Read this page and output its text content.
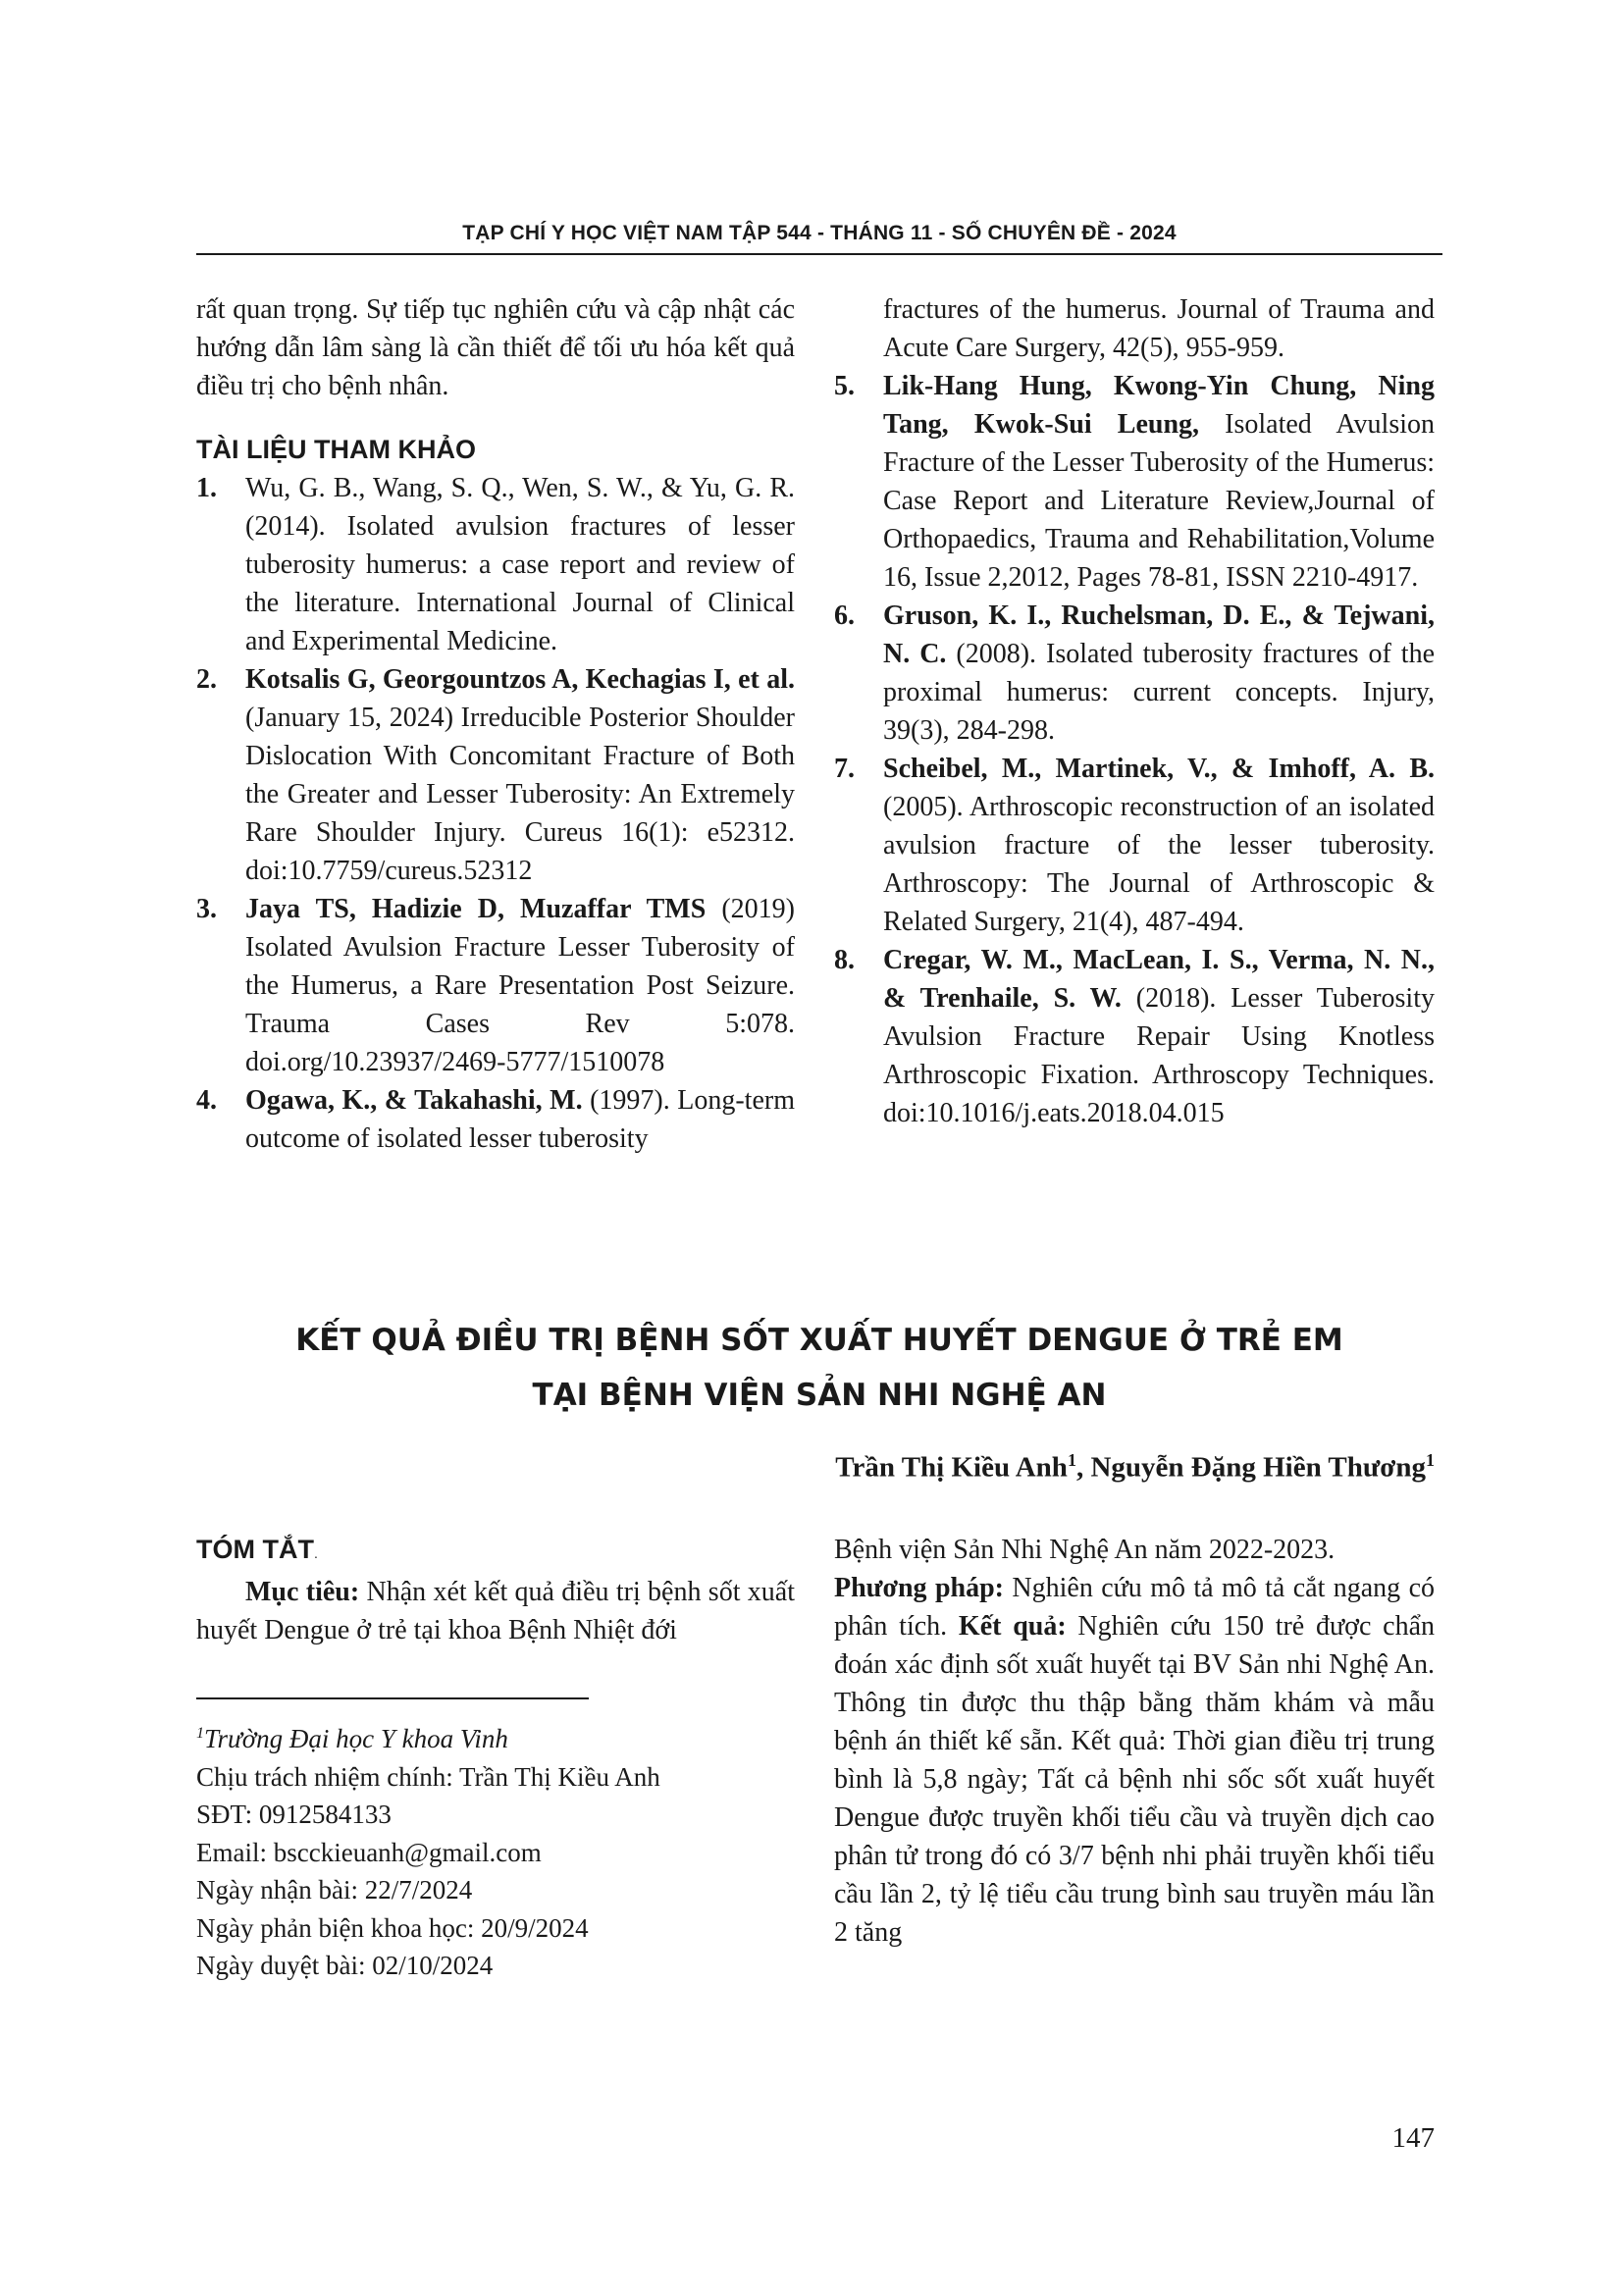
TẠP CHÍ Y HỌC VIỆT NAM TẬP 544 - THÁNG 11 - SỐ CHUYÊN ĐỀ - 2024
rất quan trọng. Sự tiếp tục nghiên cứu và cập nhật các hướng dẫn lâm sàng là cần thiết để tối ưu hóa kết quả điều trị cho bệnh nhân.
TÀI LIỆU THAM KHẢO
1.	Wu, G. B., Wang, S. Q., Wen, S. W., & Yu, G. R. (2014). Isolated avulsion fractures of lesser tuberosity humerus: a case report and review of the literature. International Journal of Clinical and Experimental Medicine.
2.	Kotsalis G, Georgountzos A, Kechagias I, et al. (January 15, 2024) Irreducible Posterior Shoulder Dislocation With Concomitant Fracture of Both the Greater and Lesser Tuberosity: An Extremely Rare Shoulder Injury. Cureus 16(1): e52312. doi:10.7759/cureus.52312
3.	Jaya TS, Hadizie D, Muzaffar TMS (2019) Isolated Avulsion Fracture Lesser Tuberosity of the Humerus, a Rare Presentation Post Seizure. Trauma Cases Rev 5:078. doi.org/10.23937/2469-5777/1510078
4.	Ogawa, K., & Takahashi, M. (1997). Long-term outcome of isolated lesser tuberosity
fractures of the humerus. Journal of Trauma and Acute Care Surgery, 42(5), 955-959.
5.	Lik-Hang Hung, Kwong-Yin Chung, Ning Tang, Kwok-Sui Leung, Isolated Avulsion Fracture of the Lesser Tuberosity of the Humerus: Case Report and Literature Review,Journal of Orthopaedics, Trauma and Rehabilitation,Volume 16, Issue 2,2012, Pages 78-81, ISSN 2210-4917.
6.	Gruson, K. I., Ruchelsman, D. E., & Tejwani, N. C. (2008). Isolated tuberosity fractures of the proximal humerus: current concepts. Injury, 39(3), 284-298.
7.	Scheibel, M., Martinek, V., & Imhoff, A. B. (2005). Arthroscopic reconstruction of an isolated avulsion fracture of the lesser tuberosity. Arthroscopy: The Journal of Arthroscopic & Related Surgery, 21(4), 487-494.
8.	Cregar, W. M., MacLean, I. S., Verma, N. N., & Trenhaile, S. W. (2018). Lesser Tuberosity Avulsion Fracture Repair Using Knotless Arthroscopic Fixation. Arthroscopy Techniques. doi:10.1016/j.eats.2018.04.015
KẾT QUẢ ĐIỀU TRỊ BỆNH SỐT XUẤT HUYẾT DENGUE Ở TRẺ EM
TẠI BỆNH VIỆN SẢN NHI NGHỆ AN
Trần Thị Kiều Anh$^1$, Nguyễn Đặng Hiền Thương$^1$
TÓM TẮT.
Mục tiêu: Nhận xét kết quả điều trị bệnh sốt xuất huyết Dengue ở trẻ tại khoa Bệnh Nhiệt đới
$^1$Trường Đại học Y khoa Vinh
Chịu trách nhiệm chính: Trần Thị Kiều Anh
SĐT: 0912584133
Email: bscckieuanh@gmail.com
Ngày nhận bài: 22/7/2024
Ngày phản biện khoa học: 20/9/2024
Ngày duyệt bài: 02/10/2024
Bệnh viện Sản Nhi Nghệ An năm 2022-2023.
Phương pháp: Nghiên cứu mô tả mô tả cắt ngang có phân tích. Kết quả: Nghiên cứu 150 trẻ được chẩn đoán xác định sốt xuất huyết tại BV Sản nhi Nghệ An. Thông tin được thu thập bằng thăm khám và mẫu bệnh án thiết kế sẵn. Kết quả: Thời gian điều trị trung bình là 5,8 ngày; Tất cả bệnh nhi sốc sốt xuất huyết Dengue được truyền khối tiểu cầu và truyền dịch cao phân tử trong đó có 3/7 bệnh nhi phải truyền khối tiểu cầu lần 2, tỷ lệ tiểu cầu trung bình sau truyền máu lần 2 tăng
147
